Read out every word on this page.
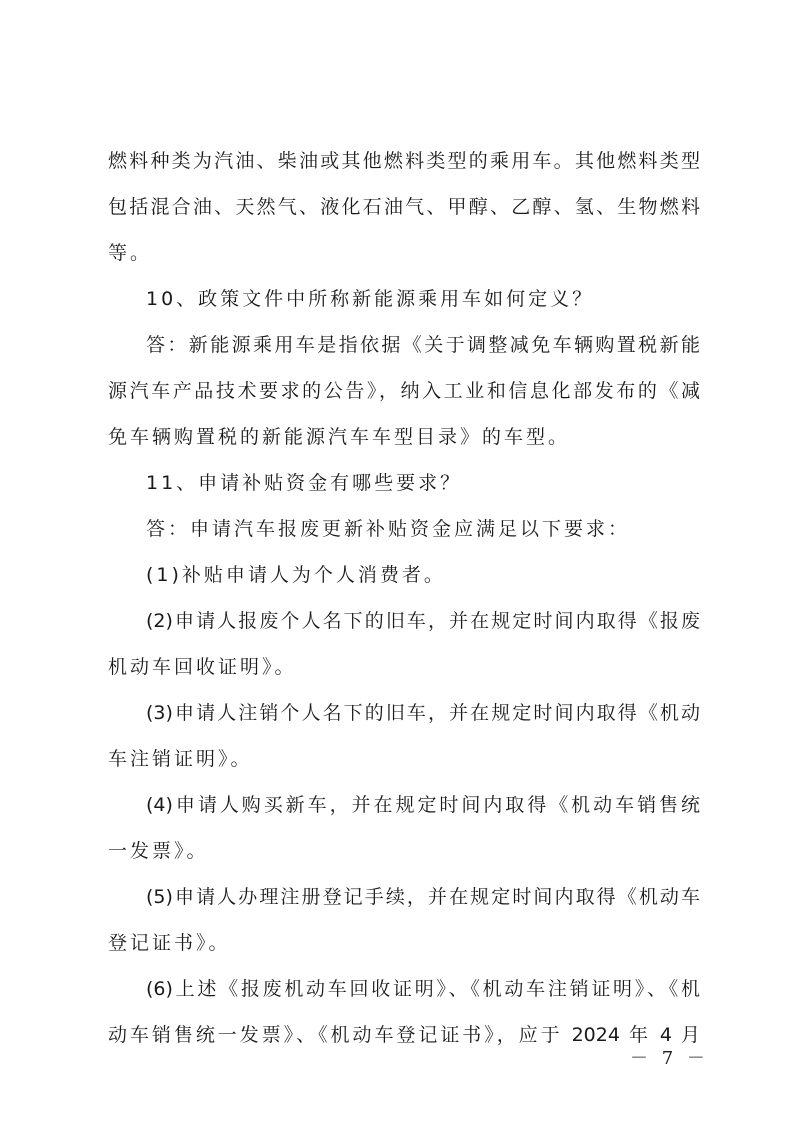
燃料种类为汽油、柴油或其他燃料类型的乘用车。其他燃料类型
包括混合油、天然气、液化石油气、甲醇、乙醇、氢、生物燃料
等。
10、政策文件中所称新能源乘用车如何定义？
答：新能源乘用车是指依据《关于调整减免车辆购置税新能
源汽车产品技术要求的公告》，纳入工业和信息化部发布的《减
免车辆购置税的新能源汽车车型目录》的车型。
11、申请补贴资金有哪些要求？
答：申请汽车报废更新补贴资金应满足以下要求：
(1)补贴申请人为个人消费者。
(2)申请人报废个人名下的旧车，并在规定时间内取得《报废
机动车回收证明》。
(3)申请人注销个人名下的旧车，并在规定时间内取得《机动
车注销证明》。
(4)申请人购买新车，并在规定时间内取得《机动车销售统
一发票》。
(5)申请人办理注册登记手续，并在规定时间内取得《机动车
登记证书》。
(6)上述《报废机动车回收证明》、《机动车注销证明》、《机
动车销售统一发票》、《机动车登记证书》，应于 2024 年 4 月
－ 7 －
